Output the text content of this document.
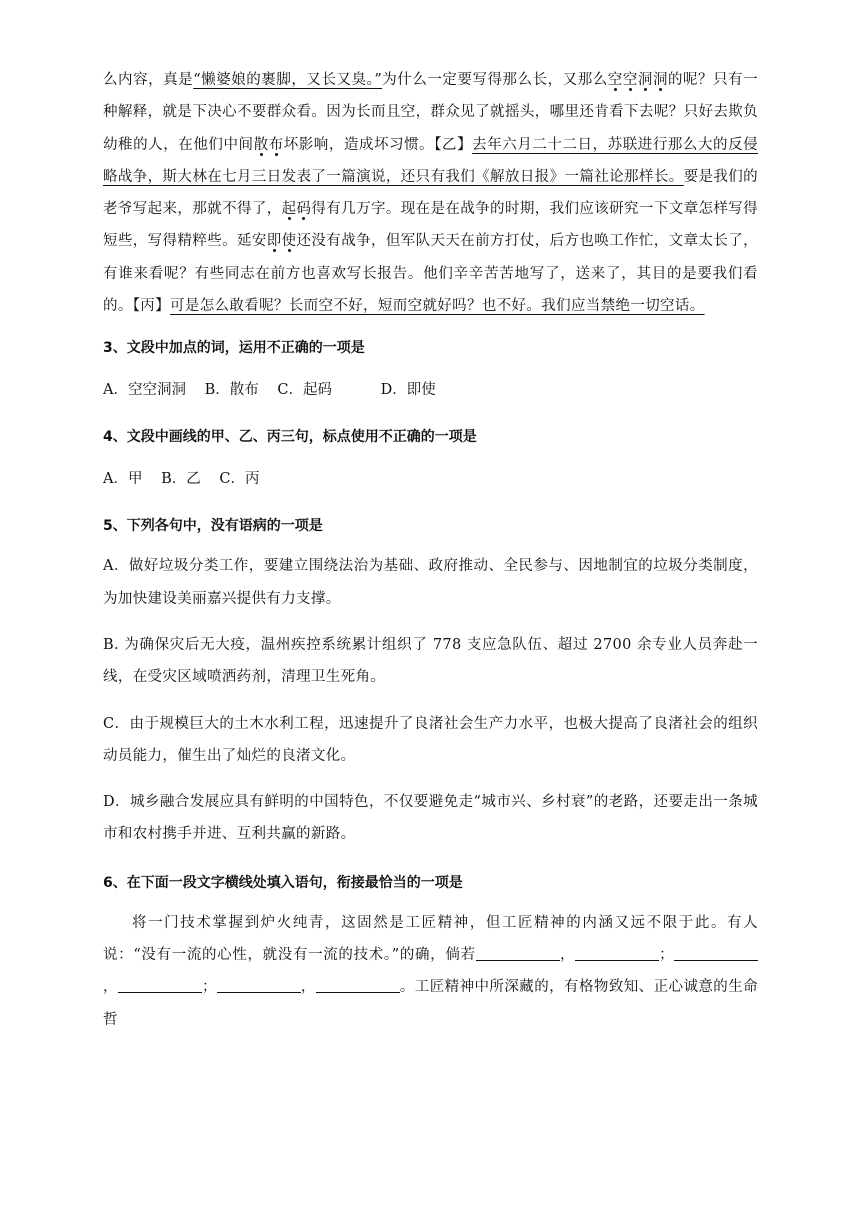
么内容，真是“懒婆娘的裹脚，又长又臭。”为什么一定要写得那么长，又那么空空洞洞的呢？只有一种解释，就是下决心不要群众看。因为长而且空，群众见了就摇头，哪里还肯看下去呢？只好去欺负幼稚的人，在他们中间散布坏影响，造成坏习惯。【乙】去年六月二十二日，苏联进行那么大的反侵略战争，斯大林在七月三日发表了一篇演说，还只有我们《解放日报》一篇社论那样长。要是我们的老爷写起来，那就不得了，起码得有几万字。现在是在战争的时期，我们应该研究一下文章怎样写得短些，写得精粹些。延安即使还没有战争，但军队天天在前方打仗，后方也唤工作忙，文章太长了，有谁来看呢？有些同志在前方也喜欢写长报告。他们辛辛苦苦地写了，送来了，其目的是要我们看的。【丙】可是怎么敢看呢？长而空不好，短而空就好吗？也不好。我们应当禁绝一切空话。

3、文段中加点的词，运用不正确的一项是

A．空空洞洞 B．散布 C．起码	D．即使

4、文段中画线的甲、乙、丙三句，标点使用不正确的一项是

A．甲 B．乙 C．丙

5、下列各句中，没有语病的一项是

A．做好垃圾分类工作，要建立围绕法治为基础、政府推动、全民参与、因地制宜的垃圾分类制度，为加快建设美丽嘉兴提供有力支撑。

B. 为确保灾后无大疫，温州疾控系统累计组织了 778 支应急队伍、超过 2700 余专业人员奔赴一线，在受灾区域喷洒药剂，清理卫生死角。

C．由于规模巨大的土木水利工程，迅速提升了良渚社会生产力水平，也极大提高了良渚社会的组织动员能力，催生出了灿烂的良渚文化。

D．城乡融合发展应具有鲜明的中国特色，不仅要避免走“城市兴、乡村衰”的老路，还要走出一条城市和农村携手并进、互利共赢的新路。

6、在下面一段文字横线处填入语句，衔接最恰当的一项是

将一门技术掌握到炉火纯青，这固然是工匠精神，但工匠精神的内涵又远不限于此。有人说：“没有一流的心性，就没有一流的技术。”的确，倘若	，	；，	；	，	。工匠精神中所深藏的，有格物致知、正心诚意的生命哲
